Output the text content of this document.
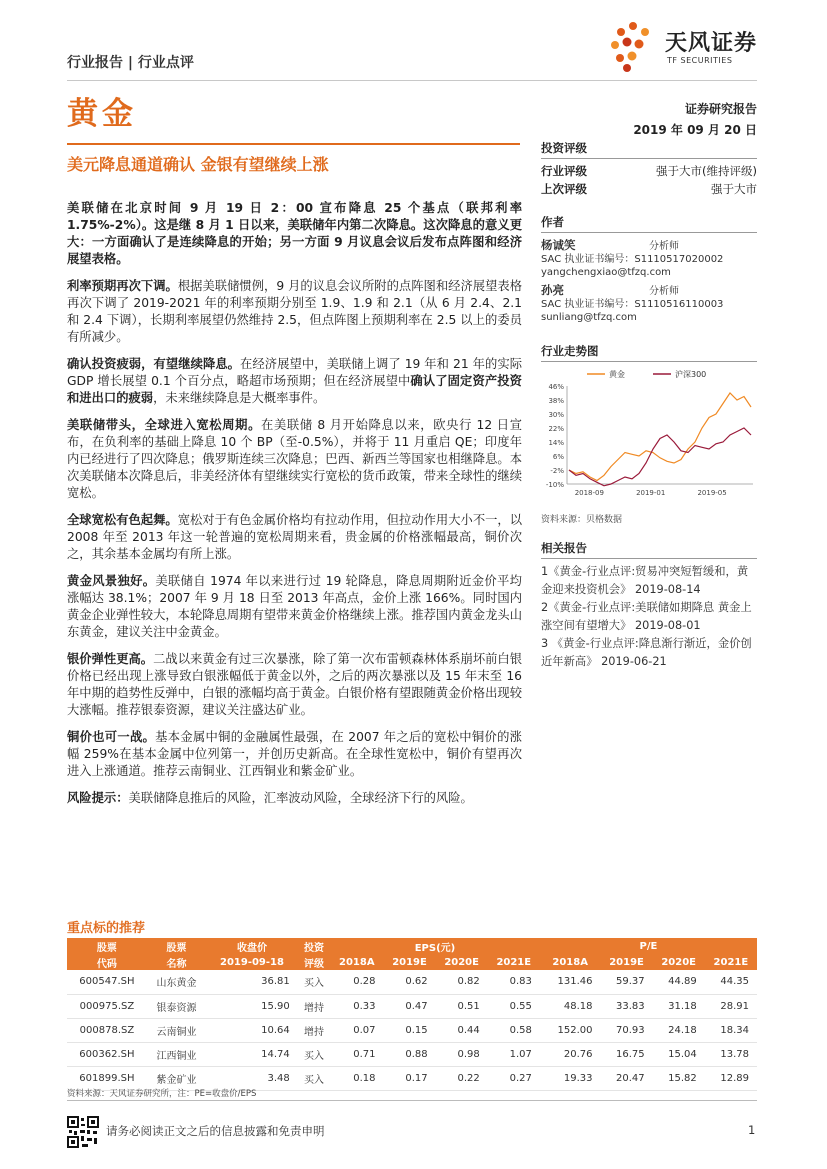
行业报告 | 行业点评
天风证券
TF SECURITIES
黄金	证券研究报告
2019 年 09 月 20 日
美元降息通道确认 金银有望继续上涨

美联储在北京时间 9 月 19 日 2：00 宣布降息 25 个基点（联邦利率 1.75%-2%）。这是继 8 月 1 日以来，美联储年内第二次降息。这次降息的意义更大：一方面确认了是连续降息的开始；另一方面 9 月议息会议后发布点阵图和经济展望表格。

利率预期再次下调。根据美联储惯例，9 月的议息会议所附的点阵图和经济展望表格再次下调了 2019-2021 年的利率预期分别至 1.9、1.9 和 2.1（从 6 月 2.4、2.1 和 2.4 下调），长期利率展望仍然维持 2.5，但点阵图上预期利率在 2.5 以上的委员有所减少。

确认投资疲弱，有望继续降息。在经济展望中，美联储上调了 19 年和 21 年的实际 GDP 增长展望 0.1 个百分点，略超市场预期；但在经济展望中确认了固定资产投资和进出口的疲弱，未来继续降息是大概率事件。

美联储带头，全球进入宽松周期。在美联储 8 月开始降息以来，欧央行 12 日宣布，在负利率的基础上降息 10 个 BP（至-0.5%），并将于 11 月重启 QE；印度年内已经进行了四次降息；俄罗斯连续三次降息；巴西、新西兰等国家也相继降息。本次美联储本次降息后，非美经济体有望继续实行宽松的货币政策，带来全球性的继续宽松。

全球宽松有色起舞。宽松对于有色金属价格均有拉动作用，但拉动作用大小不一，以 2008 年至 2013 年这一轮普遍的宽松周期来看，贵金属的价格涨幅最高，铜价次之，其余基本金属均有所上涨。

黄金风景独好。美联储自 1974 年以来进行过 19 轮降息，降息周期附近金价平均涨幅达 38.1%；2007 年 9 月 18 日至 2013 年高点，金价上涨 166%。同时国内黄金企业弹性较大，本轮降息周期有望带来黄金价格继续上涨。推荐国内黄金龙头山东黄金，建议关注中金黄金。

银价弹性更高。二战以来黄金有过三次暴涨，除了第一次布雷顿森林体系崩坏前白银价格已经出现上涨导致白银涨幅低于黄金以外，之后的两次暴涨以及 15 年末至 16 年中期的趋势性反弹中，白银的涨幅均高于黄金。白银价格有望跟随黄金价格出现较大涨幅。推荐银泰资源，建议关注盛达矿业。

铜价也可一战。基本金属中铜的金融属性最强，在 2007 年之后的宽松中铜价的涨幅 259%在基本金属中位列第一，并创历史新高。在全球性宽松中，铜价有望再次进入上涨通道。推荐云南铜业、江西铜业和紫金矿业。

风险提示：美联储降息推后的风险，汇率波动风险，全球经济下行的风险。

投资评级
行业评级	强于大市(维持评级)
上次评级	强于大市
作者
杨诚笑	分析师
SAC 执业证书编号：S1110517020002
yangchengxiao@tfzq.com
孙亮	分析师
SAC 执业证书编号：S1110516110003
sunliang@tfzq.com
行业走势图
-10%
-2%
6%
14%
22%
30%
38%
46%
2018-09	2019-01	2019-05
黄金	沪深300
资料来源：贝格数据
相关报告
1《黄金-行业点评:贸易冲突短暂缓和，黄金迎来投资机会》 2019-08-14
2《黄金-行业点评:美联储如期降息 黄金上涨空间有望增大》 2019-08-01
3 《黄金-行业点评:降息渐行渐近，金价创近年新高》 2019-06-21
重点标的推荐
股票	股票	收盘价	投资	EPS(元)				P/E			
代码	名称	2019-09-18	评级	2018A	2019E	2020E	2021E	2018A	2019E	2020E	2021E
600547.SH	山东黄金	36.81	买入	0.28	0.62	0.82	0.83	131.46	59.37	44.89	44.35
000975.SZ	银泰资源	15.90	增持	0.33	0.47	0.51	0.55	48.18	33.83	31.18	28.91
000878.SZ	云南铜业	10.64	增持	0.07	0.15	0.44	0.58	152.00	70.93	24.18	18.34
600362.SH	江西铜业	14.74	买入	0.71	0.88	0.98	1.07	20.76	16.75	15.04	13.78
601899.SH	紫金矿业	3.48	买入	0.18	0.17	0.22	0.27	19.33	20.47	15.82	12.89
资料来源：天风证券研究所，注：PE=收盘价/EPS
请务必阅读正文之后的信息披露和免责申明	1
